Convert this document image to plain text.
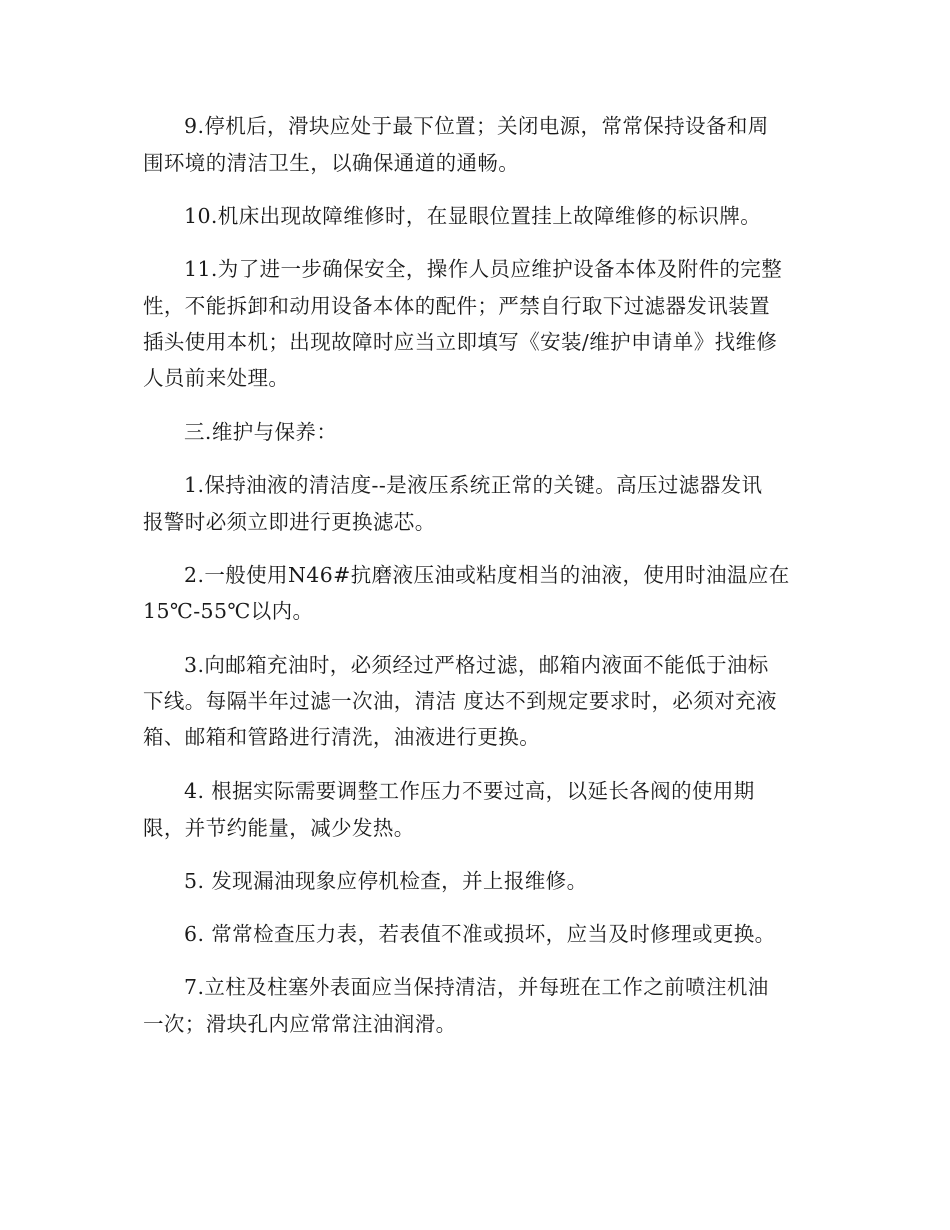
9.停机后，滑块应处于最下位置；关闭电源，常常保持设备和周
围环境的清洁卫生，以确保通道的通畅。
10.机床出现故障维修时，在显眼位置挂上故障维修的标识牌。
11.为了进一步确保安全，操作人员应维护设备本体及附件的完整
性，不能拆卸和动用设备本体的配件；严禁自行取下过滤器发讯装置
插头使用本机；出现故障时应当立即填写《安装/维护申请单》找维修
人员前来处理。
三.维护与保养：
1.保持油液的清洁度--是液压系统正常的关键。高压过滤器发讯
报警时必须立即进行更换滤芯。
2.一般使用N46#抗磨液压油或粘度相当的油液，使用时油温应在
15℃-55℃以内。
3.向邮箱充油时，必须经过严格过滤，邮箱内液面不能低于油标
下线。每隔半年过滤一次油，清洁 度达不到规定要求时，必须对充液
箱、邮箱和管路进行清洗，油液进行更换。
4. 根据实际需要调整工作压力不要过高，以延长各阀的使用期
限，并节约能量，减少发热。
5. 发现漏油现象应停机检查，并上报维修。
6. 常常检查压力表，若表值不准或损坏，应当及时修理或更换。
7.立柱及柱塞外表面应当保持清洁，并每班在工作之前喷注机油
一次；滑块孔内应常常注油润滑。
